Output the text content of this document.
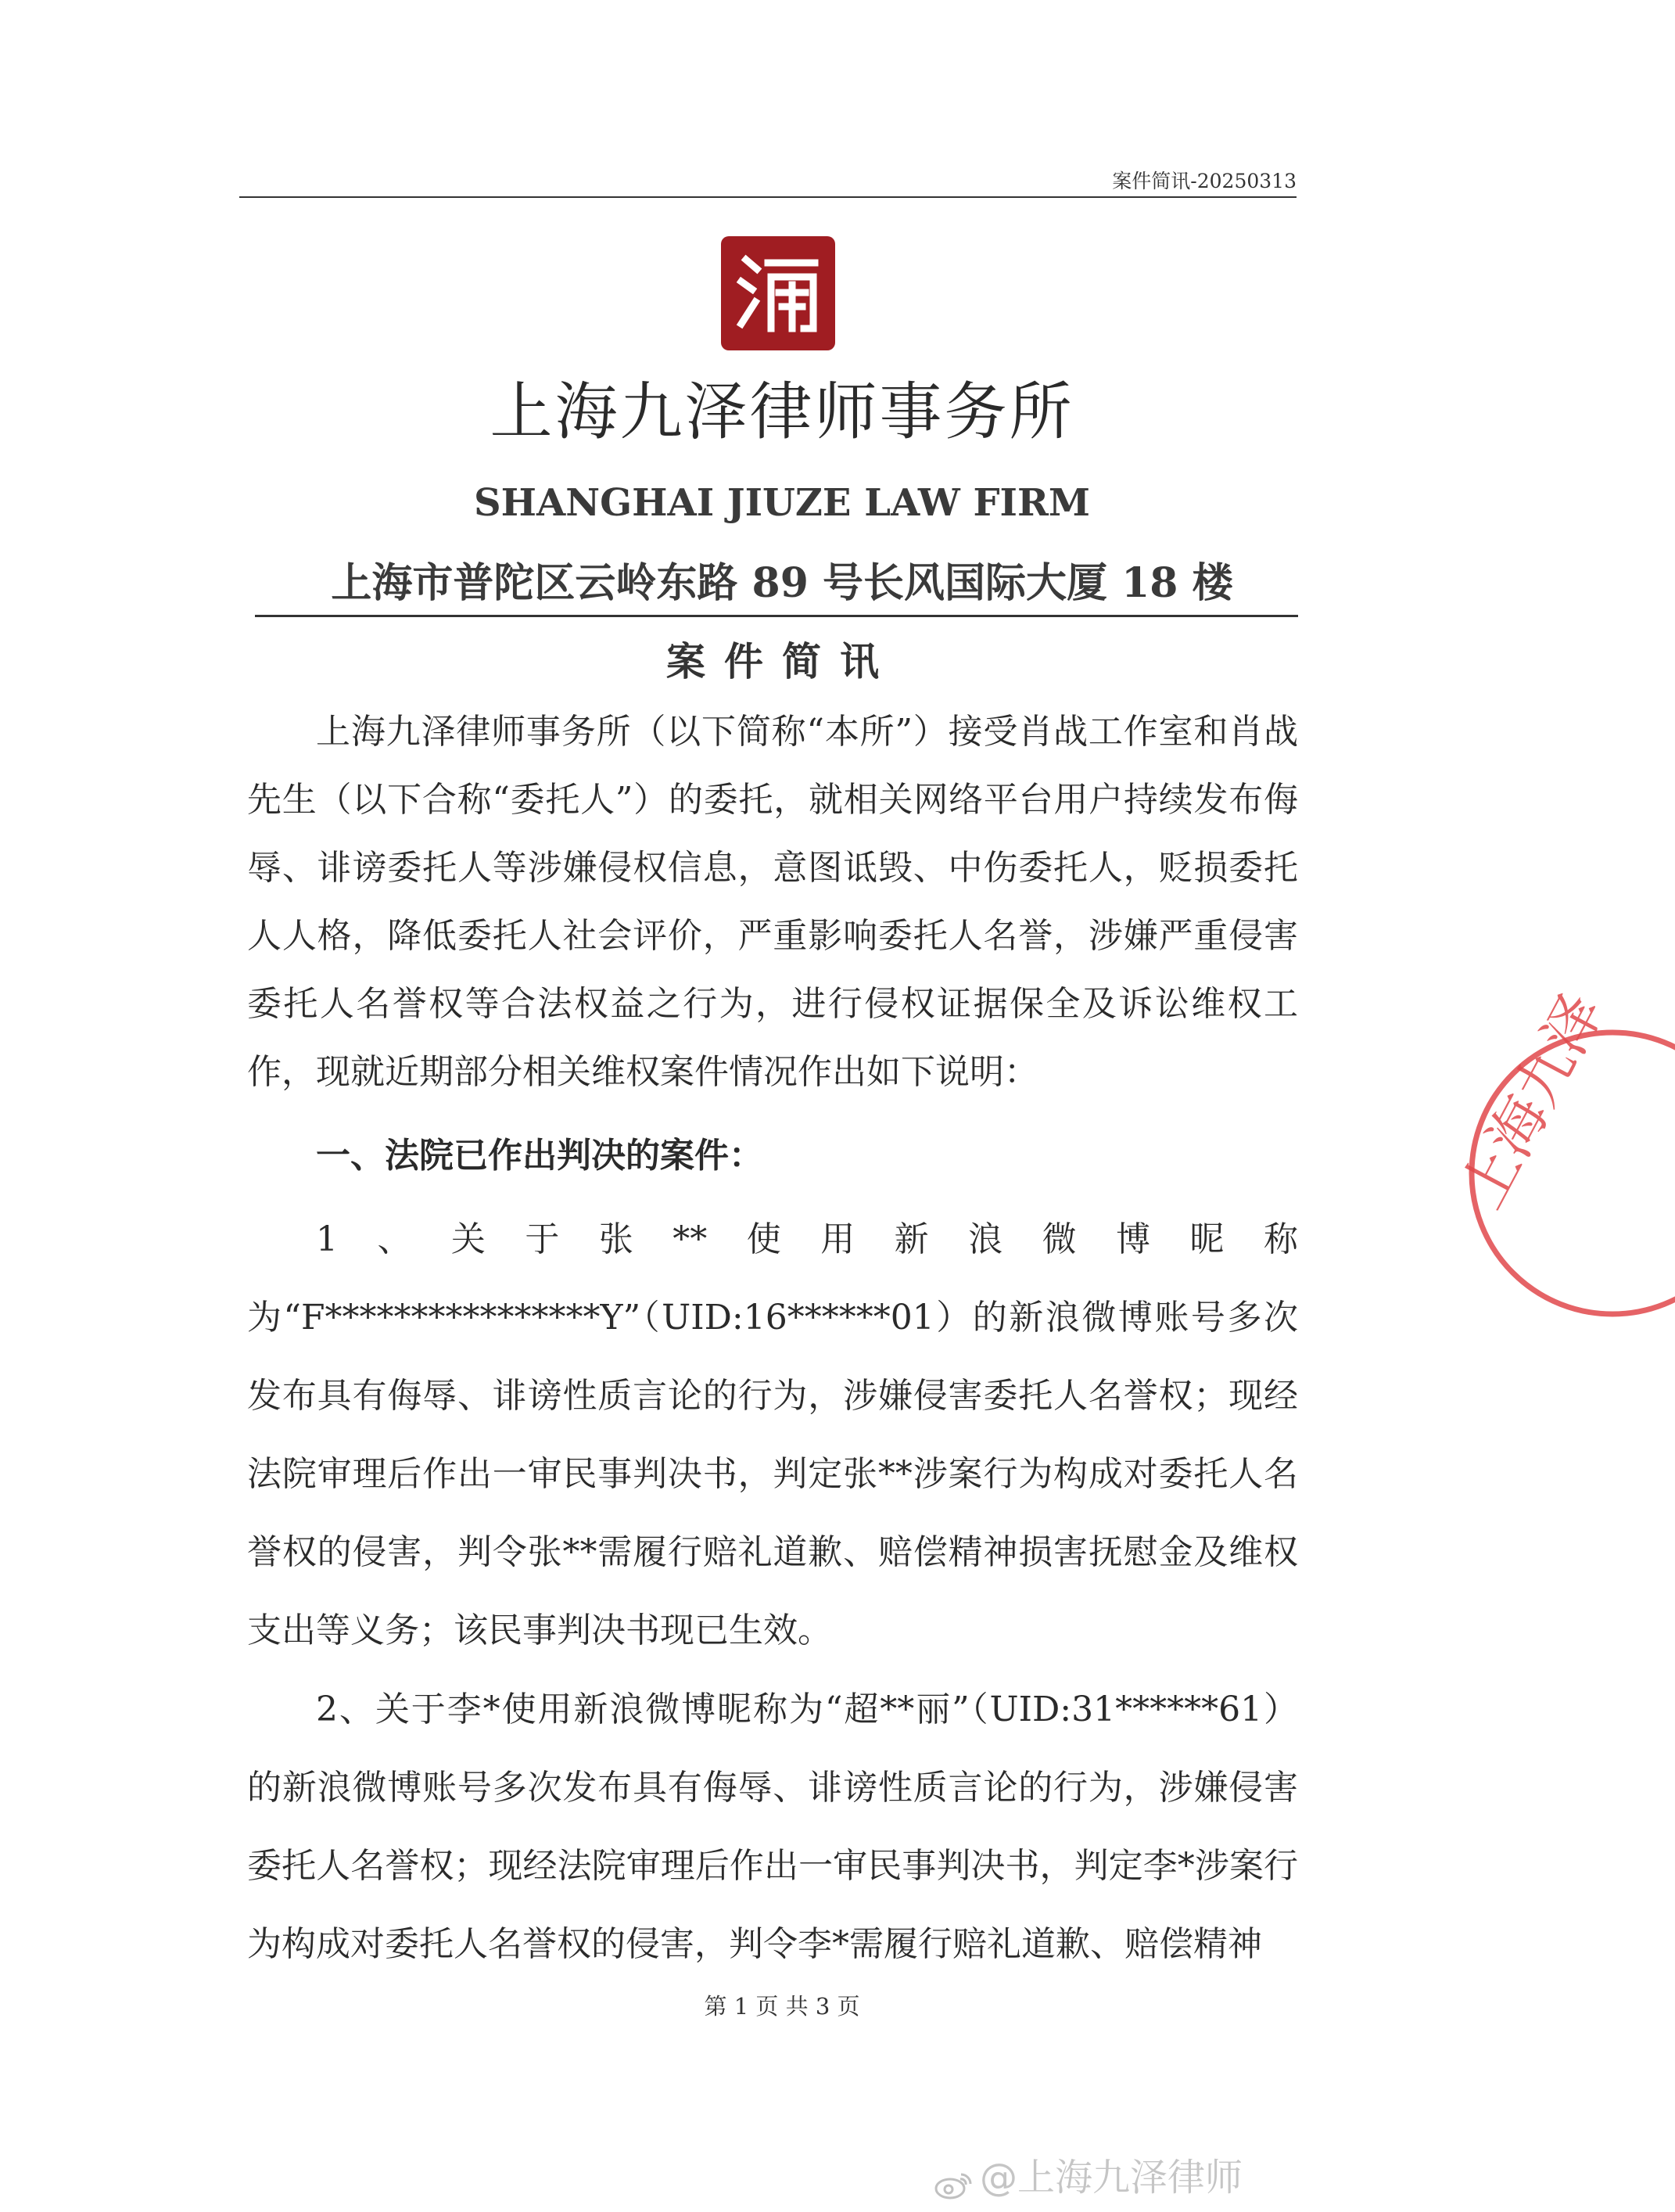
案件简讯-20250313
上海九泽律师事务所
SHANGHAI JIUZE LAW FIRM
上海市普陀区云岭东路 89 号长风国际大厦 18 楼
案件简讯
上海九泽律师事务所（以下简称“本所”）接受肖战工作室和肖战先生（以下合称“委托人”）的委托，就相关网络平台用户持续发布侮辱、诽谤委托人等涉嫌侵权信息，意图诋毁、中伤委托人，贬损委托人人格，降低委托人社会评价，严重影响委托人名誉，涉嫌严重侵害委托人名誉权等合法权益之行为，进行侵权证据保全及诉讼维权工作，现就近期部分相关维权案件情况作出如下说明：
一、法院已作出判决的案件：
1、关于张**使用新浪微博昵称为“F****************Y”（UID:16******01）的新浪微博账号多次发布具有侮辱、诽谤性质言论的行为，涉嫌侵害委托人名誉权；现经法院审理后作出一审民事判决书，判定张**涉案行为构成对委托人名誉权的侵害，判令张**需履行赔礼道歉、赔偿精神损害抚慰金及维权支出等义务；该民事判决书现已生效。
2、关于李*使用新浪微博昵称为“超**丽”（UID:31******61）的新浪微博账号多次发布具有侮辱、诽谤性质言论的行为，涉嫌侵害委托人名誉权；现经法院审理后作出一审民事判决书，判定李*涉案行为构成对委托人名誉权的侵害，判令李*需履行赔礼道歉、赔偿精神
第 1 页 共 3 页
上海九泽
@上海九泽律师
